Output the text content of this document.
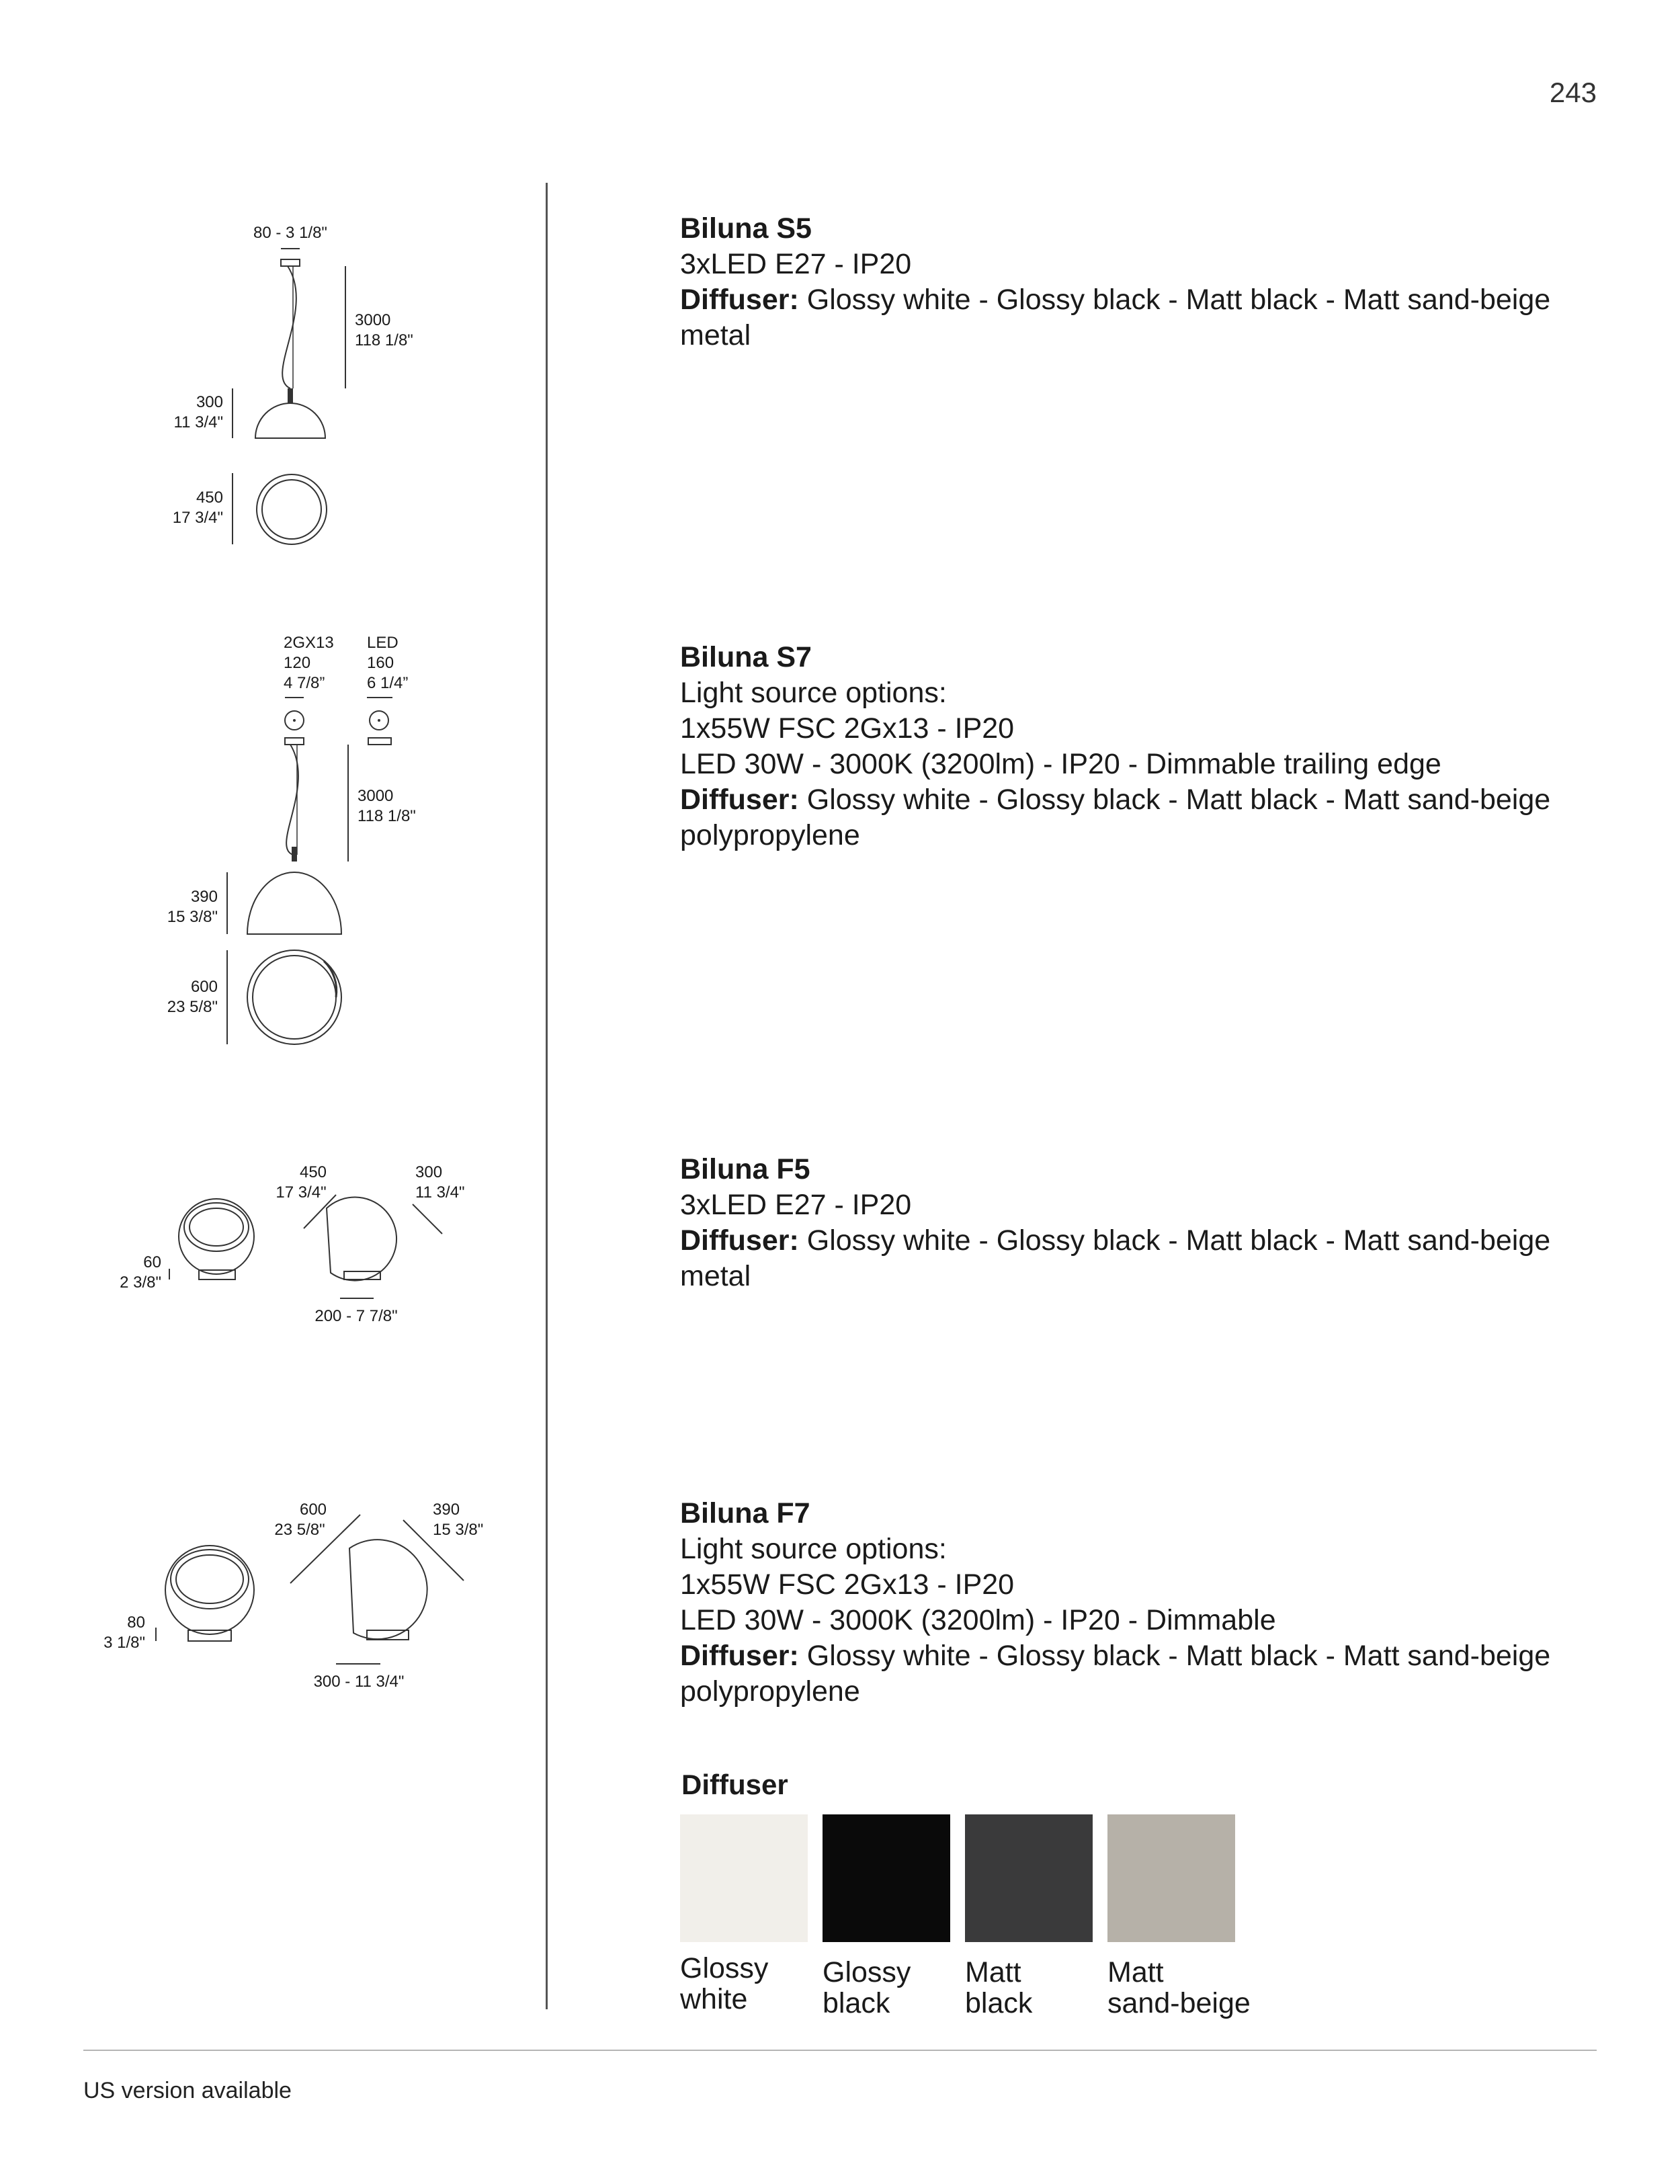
243
80 - 3 1/8"
3000
118 1/8"
300
11 3/4"
450
17 3/4"
2GX13
120
4 7/8”
LED
160
6 1/4”
3000
118 1/8"
390
15 3/8"
600
23 5/8"
450
17 3/4"
300
11 3/4"
60
2 3/8"
200 - 7 7/8"
600
23 5/8"
390
15 3/8"
80
3 1/8"
300 - 11 3/4"
Biluna S5
3xLED E27 - IP20
Diffuser: Glossy white - Glossy black - Matt black - Matt sand-beige
metal
Biluna S7
Light source options:
1x55W FSC 2Gx13 - IP20
LED 30W - 3000K (3200lm) - IP20 - Dimmable trailing edge
Diffuser: Glossy white - Glossy black - Matt black - Matt sand-beige
polypropylene
Biluna F5
3xLED E27 - IP20
Diffuser: Glossy white - Glossy black - Matt black - Matt sand-beige
metal
Biluna F7
Light source options:
1x55W FSC 2Gx13 - IP20
LED 30W - 3000K (3200lm) - IP20 - Dimmable
Diffuser: Glossy white - Glossy black - Matt black - Matt sand-beige
polypropylene
Diffuser
Glossy
white
Glossy
black
Matt
black
Matt
sand-beige
US version available
